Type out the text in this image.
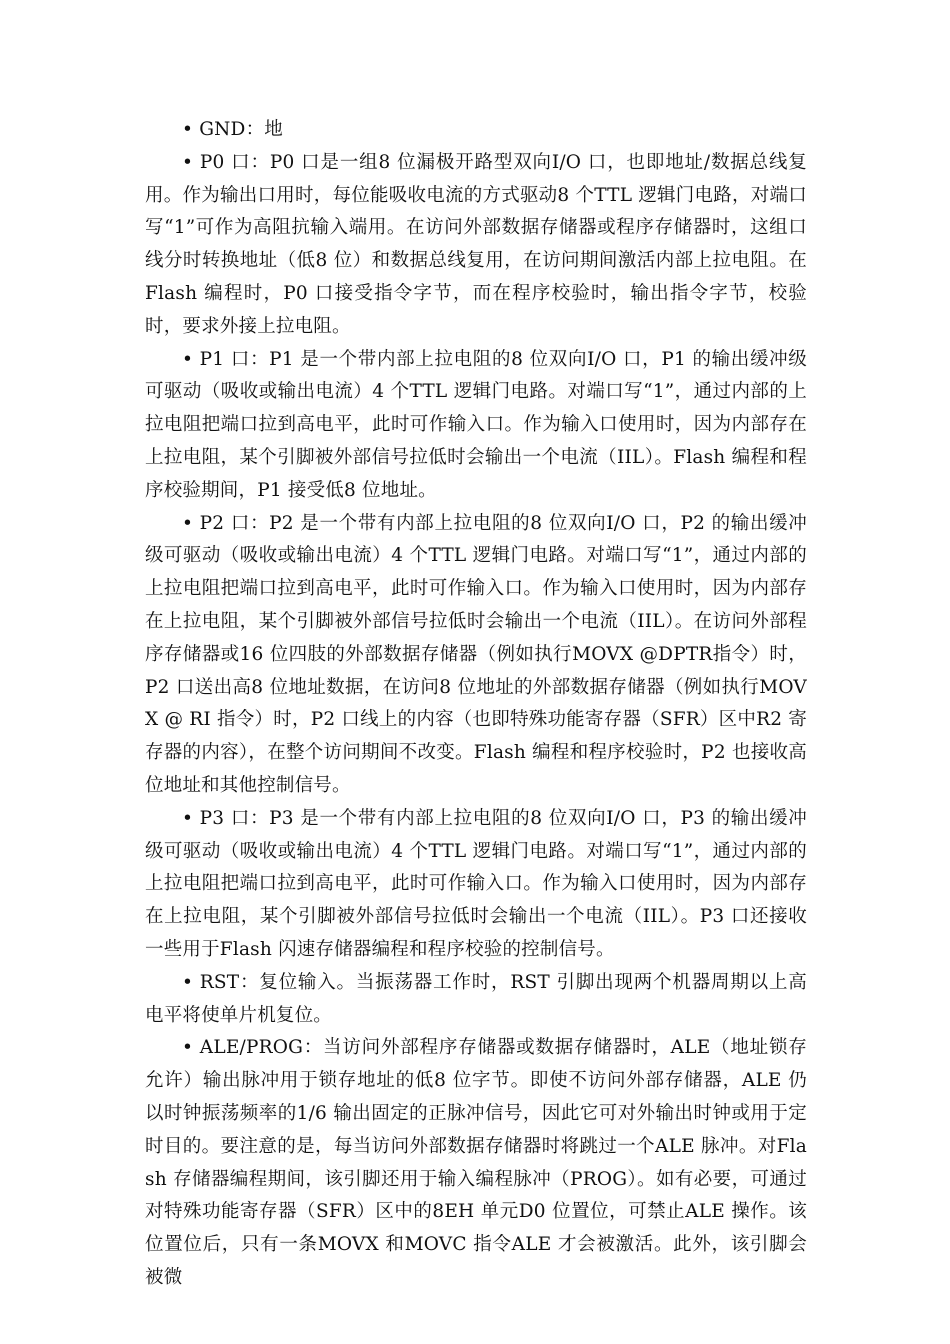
• GND：地

• P0 口：P0 口是一组8 位漏极开路型双向I/O 口，也即地址/数据总线复用。作为输出口用时，每位能吸收电流的方式驱动8 个TTL 逻辑门电路，对端口写“1”可作为高阻抗输入端用。在访问外部数据存储器或程序存储器时，这组口线分时转换地址（低8 位）和数据总线复用，在访问期间激活内部上拉电阻。在Flash 编程时，P0 口接受指令字节，而在程序校验时，输出指令字节，校验时，要求外接上拉电阻。

• P1 口：P1 是一个带内部上拉电阻的8 位双向I/O 口，P1 的输出缓冲级可驱动（吸收或输出电流）4 个TTL 逻辑门电路。对端口写“1”，通过内部的上拉电阻把端口拉到高电平，此时可作输入口。作为输入口使用时，因为内部存在上拉电阻，某个引脚被外部信号拉低时会输出一个电流（IIL）。Flash 编程和程序校验期间，P1 接受低8 位地址。

• P2 口：P2 是一个带有内部上拉电阻的8 位双向I/O 口，P2 的输出缓冲级可驱动（吸收或输出电流）4 个TTL 逻辑门电路。对端口写“1”，通过内部的上拉电阻把端口拉到高电平，此时可作输入口。作为输入口使用时，因为内部存在上拉电阻，某个引脚被外部信号拉低时会输出一个电流（IIL）。在访问外部程序存储器或16 位四肢的外部数据存储器（例如执行MOVX @DPTR指令）时，P2 口送出高8 位地址数据，在访问8 位地址的外部数据存储器（例如执行MOVX @ RI 指令）时，P2 口线上的内容（也即特殊功能寄存器（SFR）区中R2 寄存器的内容），在整个访问期间不改变。Flash 编程和程序校验时，P2 也接收高位地址和其他控制信号。

• P3 口：P3 是一个带有内部上拉电阻的8 位双向I/O 口，P3 的输出缓冲级可驱动（吸收或输出电流）4 个TTL 逻辑门电路。对端口写“1”，通过内部的上拉电阻把端口拉到高电平，此时可作输入口。作为输入口使用时，因为内部存在上拉电阻，某个引脚被外部信号拉低时会输出一个电流（IIL）。P3 口还接收一些用于Flash 闪速存储器编程和程序校验的控制信号。

• RST：复位输入。当振荡器工作时，RST 引脚出现两个机器周期以上高电平将使单片机复位。

• ALE/PROG：当访问外部程序存储器或数据存储器时，ALE（地址锁存允许）输出脉冲用于锁存地址的低8 位字节。即使不访问外部存储器，ALE 仍以时钟振荡频率的1/6 输出固定的正脉冲信号，因此它可对外输出时钟或用于定时目的。要注意的是，每当访问外部数据存储器时将跳过一个ALE 脉冲。对Flash 存储器编程期间，该引脚还用于输入编程脉冲（PROG）。如有必要，可通过对特殊功能寄存器（SFR）区中的8EH 单元D0 位置位，可禁止ALE 操作。该位置位后，只有一条MOVX 和MOVC 指令ALE 才会被激活。此外，该引脚会被微
